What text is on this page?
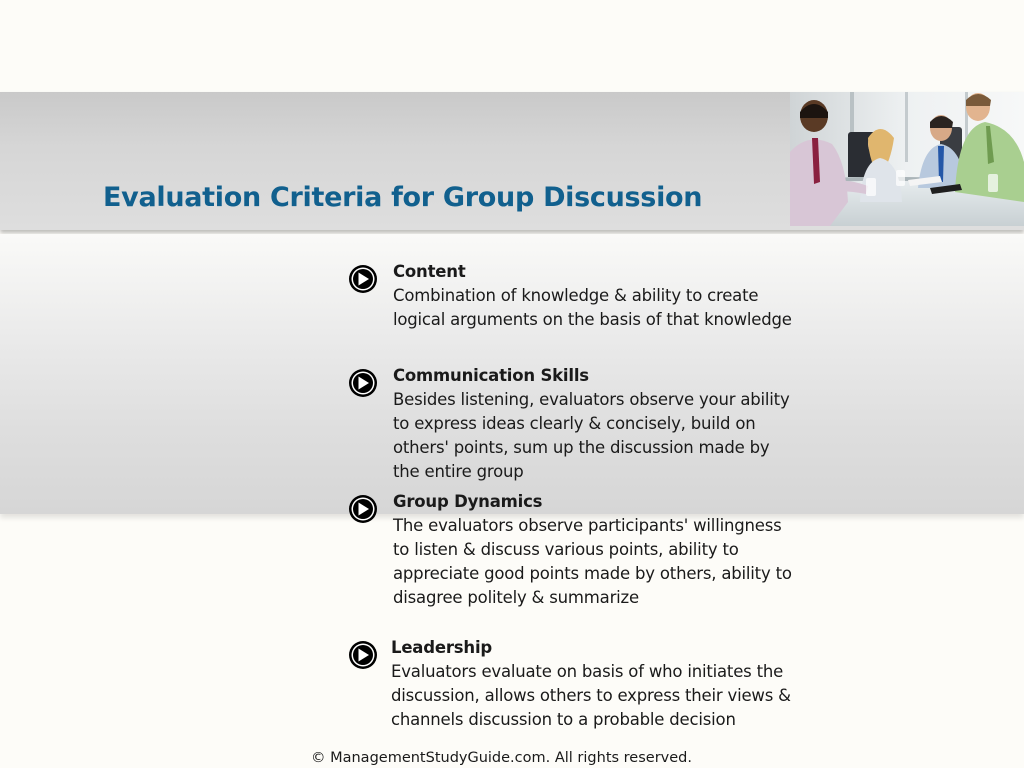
Evaluation Criteria for Group Discussion
Content
Combination of knowledge & ability to create logical arguments on the basis of that knowledge
Communication Skills
Besides listening, evaluators observe your ability to express ideas clearly & concisely, build on others' points, sum up the discussion made by the entire group
Group Dynamics
The evaluators observe participants' willingness to listen & discuss various points, ability to appreciate good points made by others, ability to disagree politely & summarize
Leadership
Evaluators evaluate on basis of who initiates the discussion, allows others to express their views & channels discussion to a probable decision
© ManagementStudyGuide.com. All rights reserved.
